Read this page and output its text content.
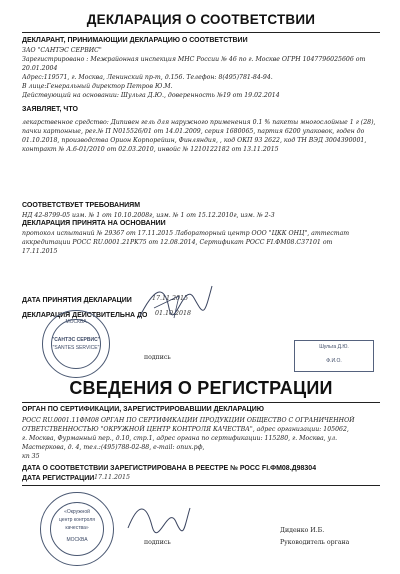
ДЕКЛАРАЦИЯ О СООТВЕТСТВИИ
ДЕКЛАРАНТ, ПРИНИМАЮЩИЙ ДЕКЛАРАЦИЮ О СООТВЕТСТВИИ
ЗАО "САНТЭС СЕРВИС"
Зарегистрировано : Межрайонная инспекция МНС России № 46 по г. Москве ОГРН 1047796025606 от
20.01.2004
Адрес:119571, г. Москва, Ленинский пр-т, д.156. Телефон: 8(495)781-84-94.
В лице:Генеральный директор Петров Ю.М.
Действующий на основании: Шульга Д.Ю., доверенность №19 от 19.02.2014
ЗАЯВЛЯЕТ, ЧТО
лекарственное средство: Дипивен гель для наружного применения 0.1 % пакеты многослойные 1 г (28),
пачки картонные, рег.№ П N015526/01 от 14.01.2009, серия 1680065, партия 6200 упаковок, годен до
01.10.2018, производства Орион Корпорейшн, Финляндия, , код ОКП 93 2622, код ТН ВЭД 3004390001,
контракт № А.6-01/2010 от 02.03.2010, инвойс № 1210122182 от 13.11.2015
СООТВЕТСТВУЕТ ТРЕБОВАНИЯМ
НД 42-8799-05 изм. № 1 от 10.10.2008г, изм. № 1 от 15.12.2010г, изм. № 2-3
ДЕКЛАРАЦИЯ ПРИНЯТА НА ОСНОВАНИИ
протокол испытаний № 29367 от 17.11.2015 Лабораторный центр ООО "ЦКК ОНЦ", аттестат
аккредитации РОСС RU.0001.21PK75 от 12.08.2014, Сертификат РОСС FI.ФМ08.C37101 от
17.11.2015
ДАТА ПРИНЯТИЯ ДЕКЛАРАЦИИ	17.11.2015
ДЕКЛАРАЦИЯ ДЕЙСТВИТЕЛЬНА ДО 01.10.2018
МОСКВА
"САНТЭС СЕРВИС"
"SANTES SERVICE"
подпись
Шульга Д.Ю.
Ф.И.О.
СВЕДЕНИЯ О РЕГИСТРАЦИИ
ОРГАН ПО СЕРТИФИКАЦИИ, ЗАРЕГИСТРИРОВАВШИЙ ДЕКЛАРАЦИЮ
РОСС RU.0001.11ФМ08 ОРГАН ПО СЕРТИФИКАЦИИ ПРОДУКЦИИ ОБЩЕСТВО С ОГРАНИЧЕННОЙ
ОТВЕТСТВЕННОСТЬЮ "ОКРУЖНОЙ ЦЕНТР КОНТРОЛЯ КАЧЕСТВА", адрес организации: 105062,
г. Москва, Фурманный пер., д.10, стр.1, адрес органа по сертификации: 115280, г. Москва, ул.
Мастеркова, д. 4, тел.:(495)788-02-88, e-mail: onux.pф,
кп 35
ДАТА О СООТВЕТСТВИИ ЗАРЕГИСТРИРОВАНА В РЕЕСТРЕ № РОСС FI.ФМ08.Д98304
ДАТА РЕГИСТРАЦИИ 17.11.2015
«Окружной
центр контроля
качества»
МОСКВА	подпись
Диденко И.Б.
Руководитель органа
